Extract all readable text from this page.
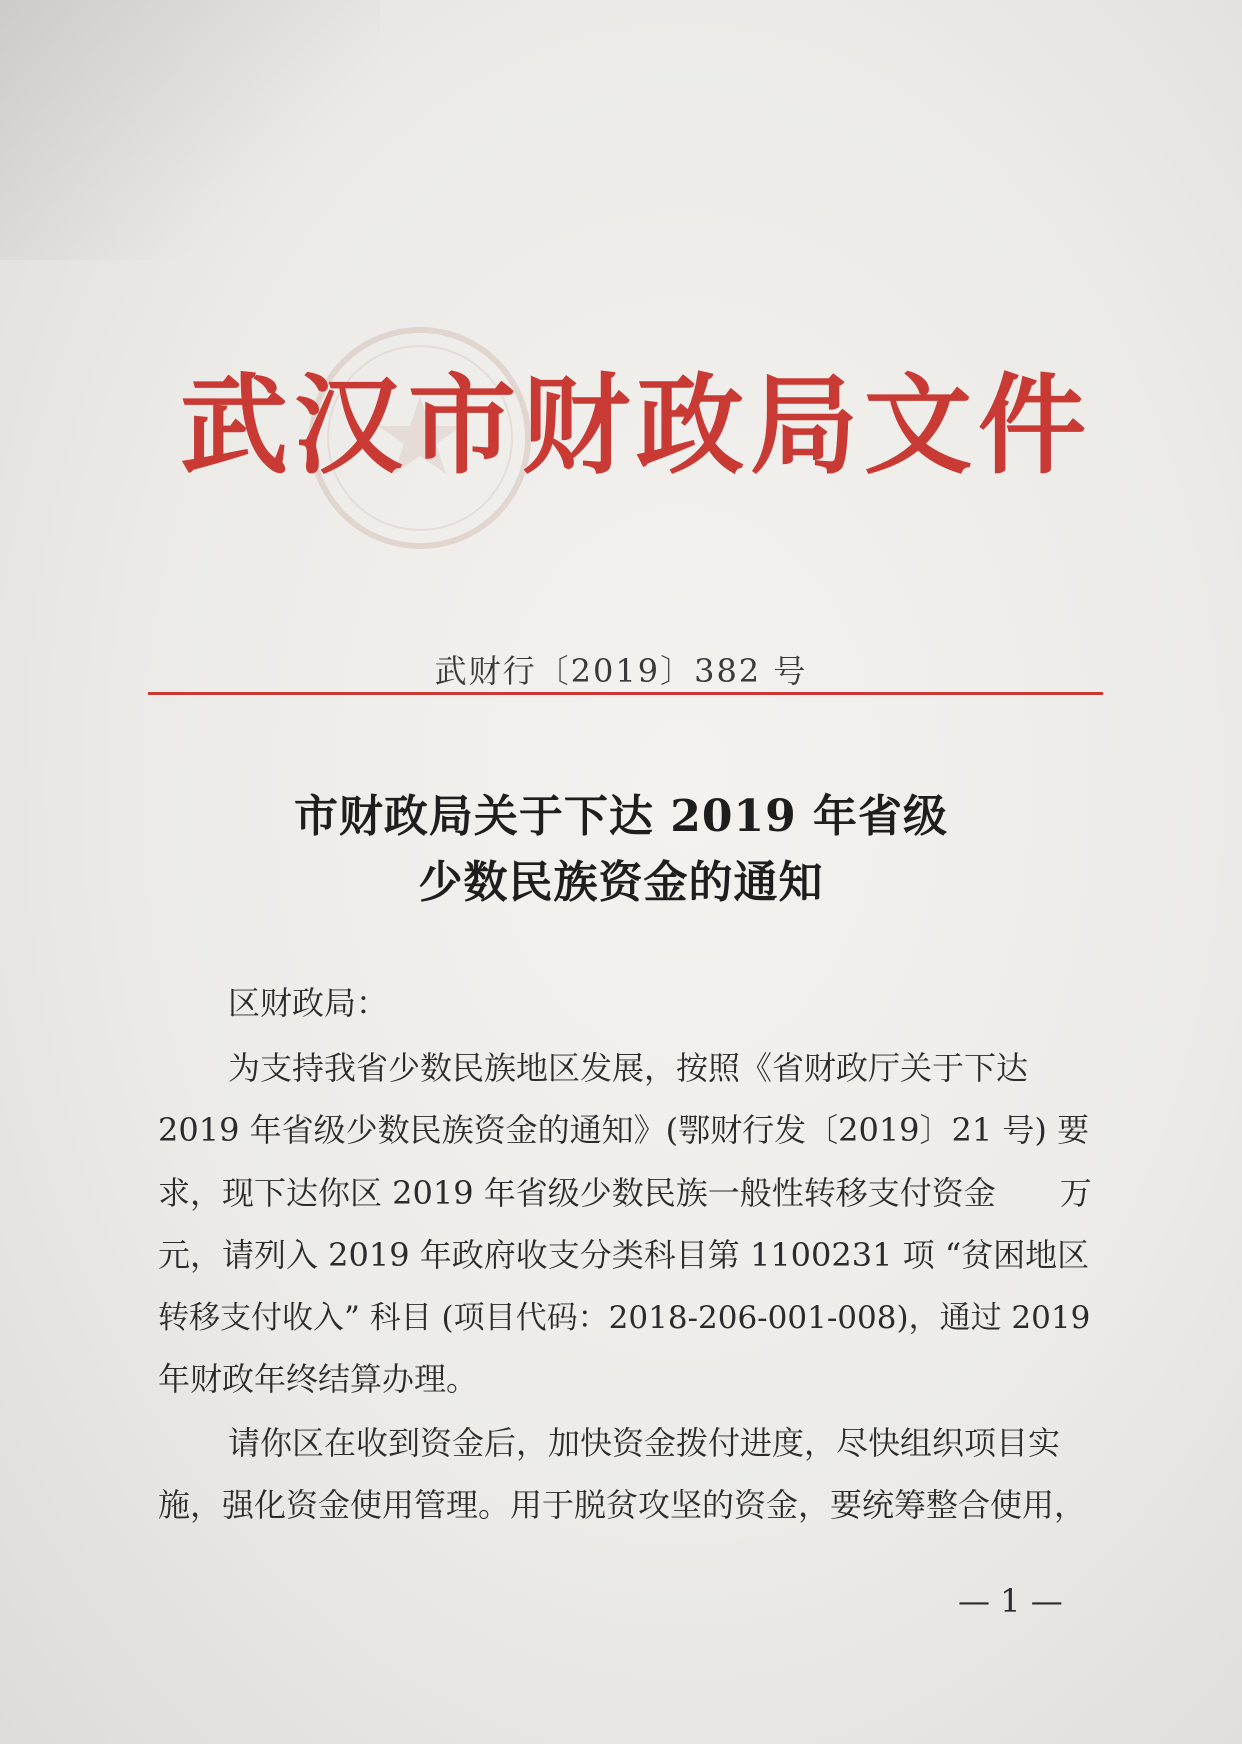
武汉市财政局文件
武财行〔2019〕382 号
市财政局关于下达 2019 年省级
少数民族资金的通知
区财政局：
为支持我省少数民族地区发展，按照《省财政厅关于下达
2019 年省级少数民族资金的通知》(鄂财行发〔2019〕21 号) 要
求，现下达你区 2019 年省级少数民族一般性转移支付资金　　万
元，请列入 2019 年政府收支分类科目第 1100231 项 “贫困地区
转移支付收入” 科目 (项目代码：2018-206-001-008)，通过 2019
年财政年终结算办理。
请你区在收到资金后，加快资金拨付进度，尽快组织项目实
施，强化资金使用管理。用于脱贫攻坚的资金，要统筹整合使用，
— 1 —
